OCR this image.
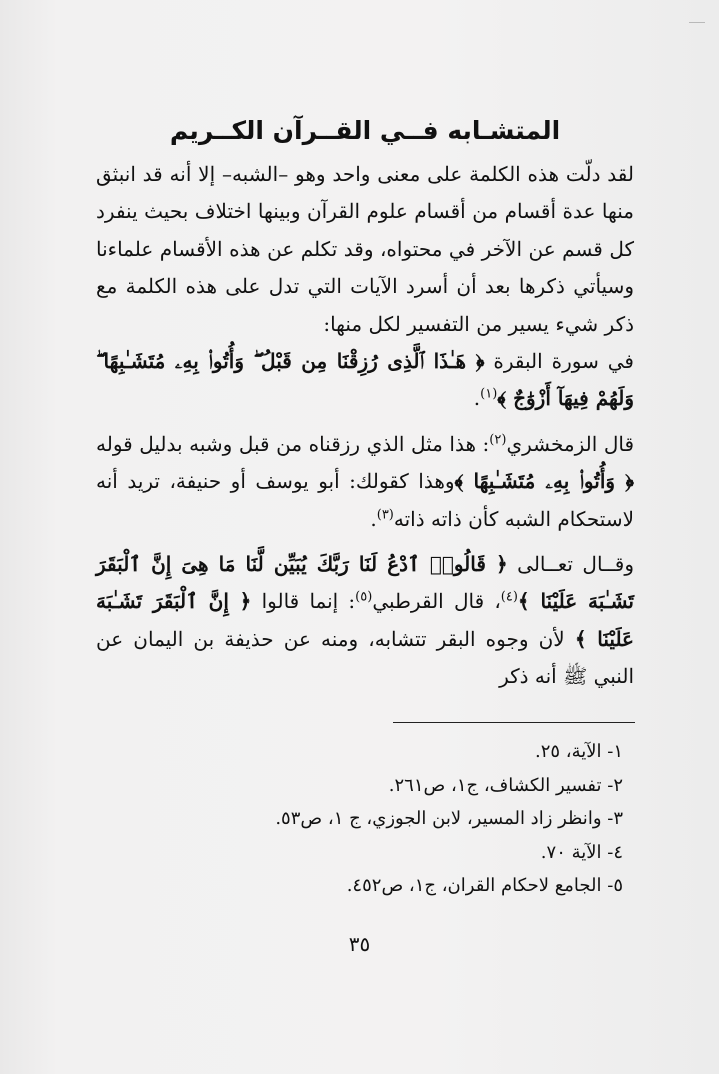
المتشـابه فــي القــرآن الكــريم

لقد دلّت هذه الكلمة على معنى واحد وهو –الشبه– إلا أنه قد انبثق منها عدة أقسام من أقسام علوم القرآن وبينها اختلاف بحيث ينفرد كل قسم عن الآخر في محتواه، وقد تكلم عن هذه الأقسام علماءنا وسيأتي ذكرها بعد أن أسرد الآيات التي تدل على هذه الكلمة مع ذكر شيء يسير من التفسير لكل منها:

في سورة البقرة ﴿ هَـٰذَا ٱلَّذِى رُزِقْنَا مِن قَبْلُ ۖ وَأُتُوا۟ بِهِۦ مُتَشَـٰبِهًا ۖ وَلَهُمْ فِيهَآ أَزْوَٰجٌ ﴾$^{(١)}$.

قال الزمخشري$^{(٢)}$: هذا مثل الذي رزقناه من قبل وشبه بدليل قوله ﴿ وَأُتُوا۟ بِهِۦ مُتَشَـٰبِهًا ﴾وهذا كقولك: أبو يوسف أو حنيفة، تريد أنه لاستحكام الشبه كأن ذاته ذاته$^{(٣)}$.

وقــال تعــالى ﴿ قَالُوا۟ ٱدْعُ لَنَا رَبَّكَ يُبَيِّن لَّنَا مَا هِىَ إِنَّ ٱلْبَقَرَ تَشَـٰبَهَ عَلَيْنَا ﴾$^{(٤)}$، قال القرطبي$^{(٥)}$: إنما قالوا ﴿ إِنَّ ٱلْبَقَرَ تَشَـٰبَهَ عَلَيْنَا ﴾ لأن وجوه البقر تتشابه، ومنه عن حذيفة بن اليمان عن النبي ﷺ أنه ذكر

١- الآية، ٢٥.
٢- تفسير الكشاف، ج١، ص٢٦١.
٣- وانظر زاد المسير، لابن الجوزي، ج ١، ص٥٣.
٤- الآية ٧٠.
٥- الجامع لاحكام القران، ج١، ص٤٥٢.
٣٥
